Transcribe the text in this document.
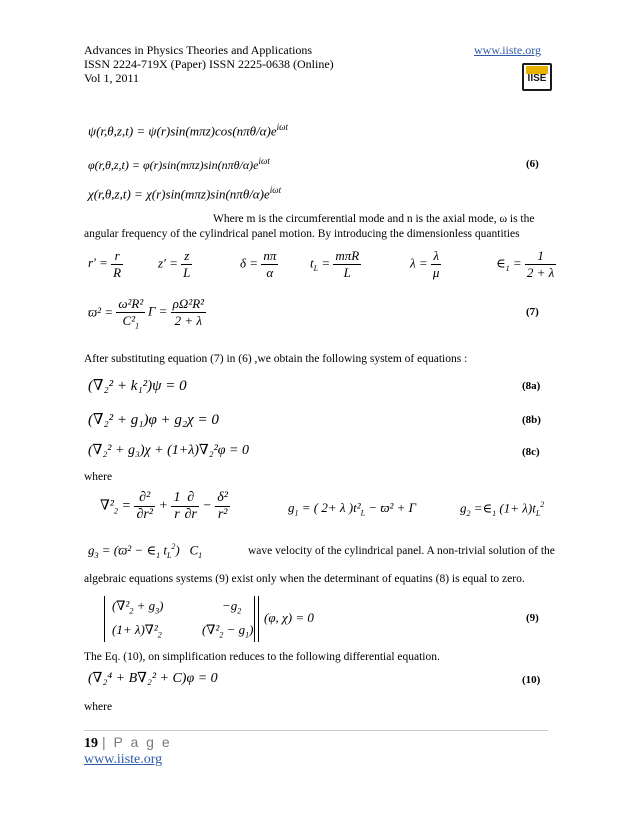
Advances in Physics Theories and Applications
ISSN 2224-719X (Paper) ISSN 2225-0638 (Online)
Vol 1, 2011
www.iiste.org
IISE
$\psi(r,\theta,z,t) = \psi(r)\sin(m\pi z)\cos(n\pi\theta/\alpha)e^{i\omega t}$
$\varphi(r,\theta,z,t) = \varphi(r)\sin(m\pi z)\sin(n\pi\theta/\alpha)e^{i\omega t}$	(6)
$\chi(r,\theta,z,t) = \chi(r)\sin(m\pi z)\sin(n\pi\theta/\alpha)e^{i\omega t}$
Where m is the circumferential mode and n is the axial mode, ω is the
angular frequency of the cylindrical panel motion. By introducing the dimensionless quantities
$r' = \frac{r}{R}$	$z' = \frac{z}{L}$	$\delta = \frac{n\pi}{\alpha} t_L = \frac{\text{mπR}}{L}$	$\lambda = \frac{\lambda}{\mu}$	$\in_1 = \frac{1}{2 + \lambda}$
$ϖ^2 = \frac{\text{ω²R²}}{C^2_1}$ $\Gamma = \frac{\text{ρΩ²R²}}{2 + \lambda}$	(7)
After substituting equation (7) in (6) ,we obtain the following system of equations :
(∇₂² + k₁²)ψ = 0	(8a)
(∇₂² + g₁)φ + g₂χ = 0	(8b)
(∇₂² + g₃)χ + (1+λ)∇₂²φ = 0	(8c)
where
$\nabla^2_2 = \frac{\text{∂²}}{\text{∂r²}} + \frac{1}{r} \frac{\partial}{\partial r} - \frac{\text{δ²}}{\text{r²}}$	$g_1$ = ( 2+ λ )$t^2_L - ϖ^2 + \Gamma$	$g_2$ $=\in_1$ $(1+ \lambda)t_L^2$
$g_3 = (ϖ^2$ − $\in_1$ $t_L^2$)   $C_1$	wave velocity of the cylindrical panel. A non-trivial solution of the
algebraic equations systems (9) exist only when the determinant of equatins (8) is equal to zero.
$(\nabla^2_2 + g_3)$	$-g_2$
$(1+ \lambda)\nabla^2_2$	$(\nabla^2_2 - g_1)$
(φ, χ) = 0	(9)
The Eq. (10), on simplification reduces to the following differential equation.
(∇₂⁴ + B∇₂² + C)φ = 0	(10)
where
19 | P a g e
www.iiste.org
